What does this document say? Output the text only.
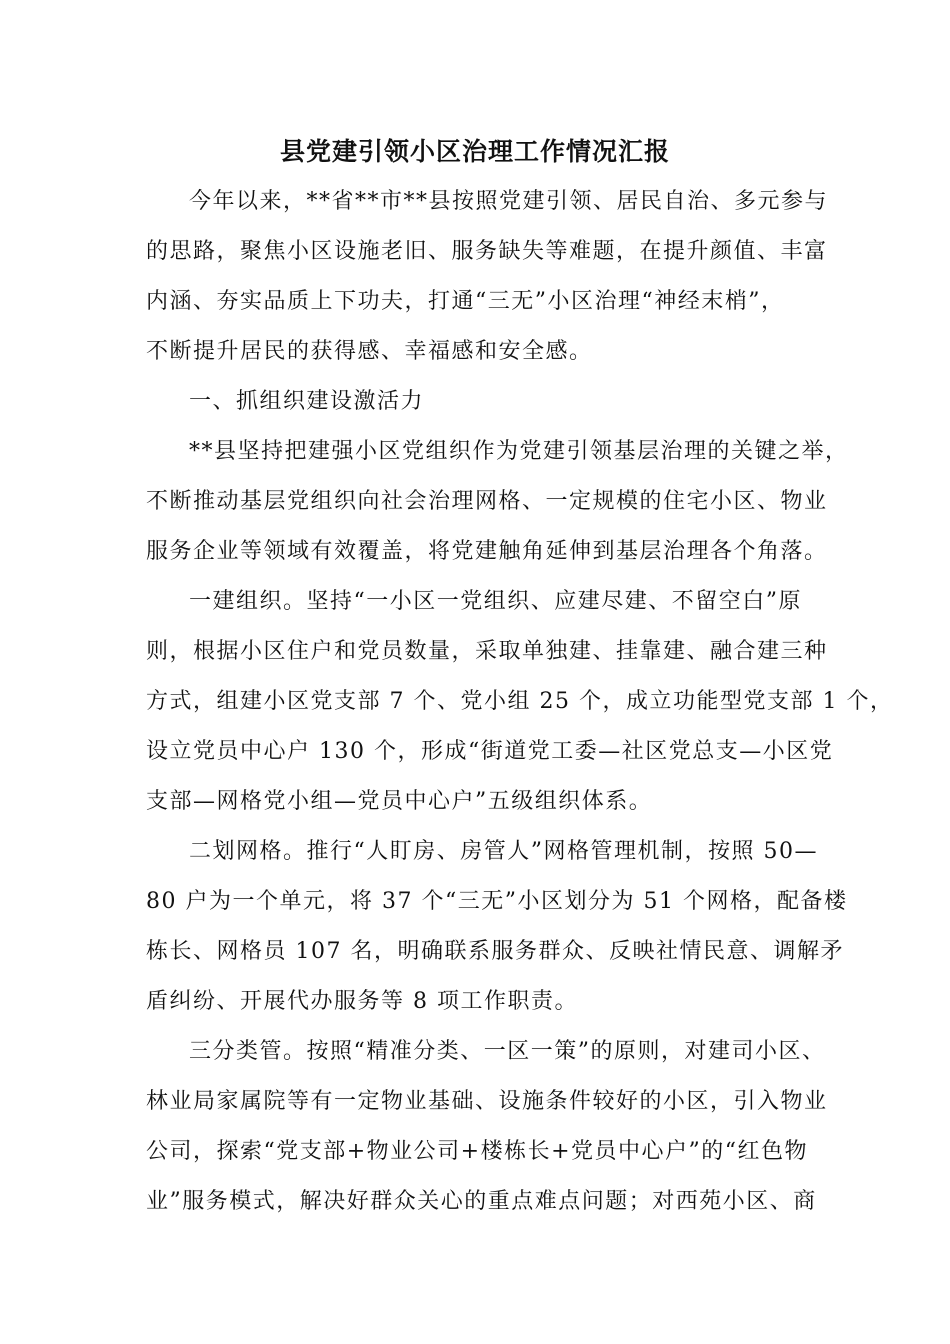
县党建引领小区治理工作情况汇报
今年以来，**省**市**县按照党建引领、居民自治、多元参与
的思路，聚焦小区设施老旧、服务缺失等难题，在提升颜值、丰富
内涵、夯实品质上下功夫，打通“三无”小区治理“神经末梢”，
不断提升居民的获得感、幸福感和安全感。
一、抓组织建设激活力
**县坚持把建强小区党组织作为党建引领基层治理的关键之举，
不断推动基层党组织向社会治理网格、一定规模的住宅小区、物业
服务企业等领域有效覆盖，将党建触角延伸到基层治理各个角落。
一建组织。坚持“一小区一党组织、应建尽建、不留空白”原
则，根据小区住户和党员数量，采取单独建、挂靠建、融合建三种
方式，组建小区党支部 7 个、党小组 25 个，成立功能型党支部 1 个，
设立党员中心户 130 个，形成“街道党工委—社区党总支—小区党
支部—网格党小组—党员中心户”五级组织体系。
二划网格。推行“人盯房、房管人”网格管理机制，按照 50—
80 户为一个单元，将 37 个“三无”小区划分为 51 个网格，配备楼
栋长、网格员 107 名，明确联系服务群众、反映社情民意、调解矛
盾纠纷、开展代办服务等 8 项工作职责。
三分类管。按照“精准分类、一区一策”的原则，对建司小区、
林业局家属院等有一定物业基础、设施条件较好的小区，引入物业
公司，探索“党支部+物业公司+楼栋长+党员中心户”的“红色物
业”服务模式，解决好群众关心的重点难点问题；对西苑小区、商
